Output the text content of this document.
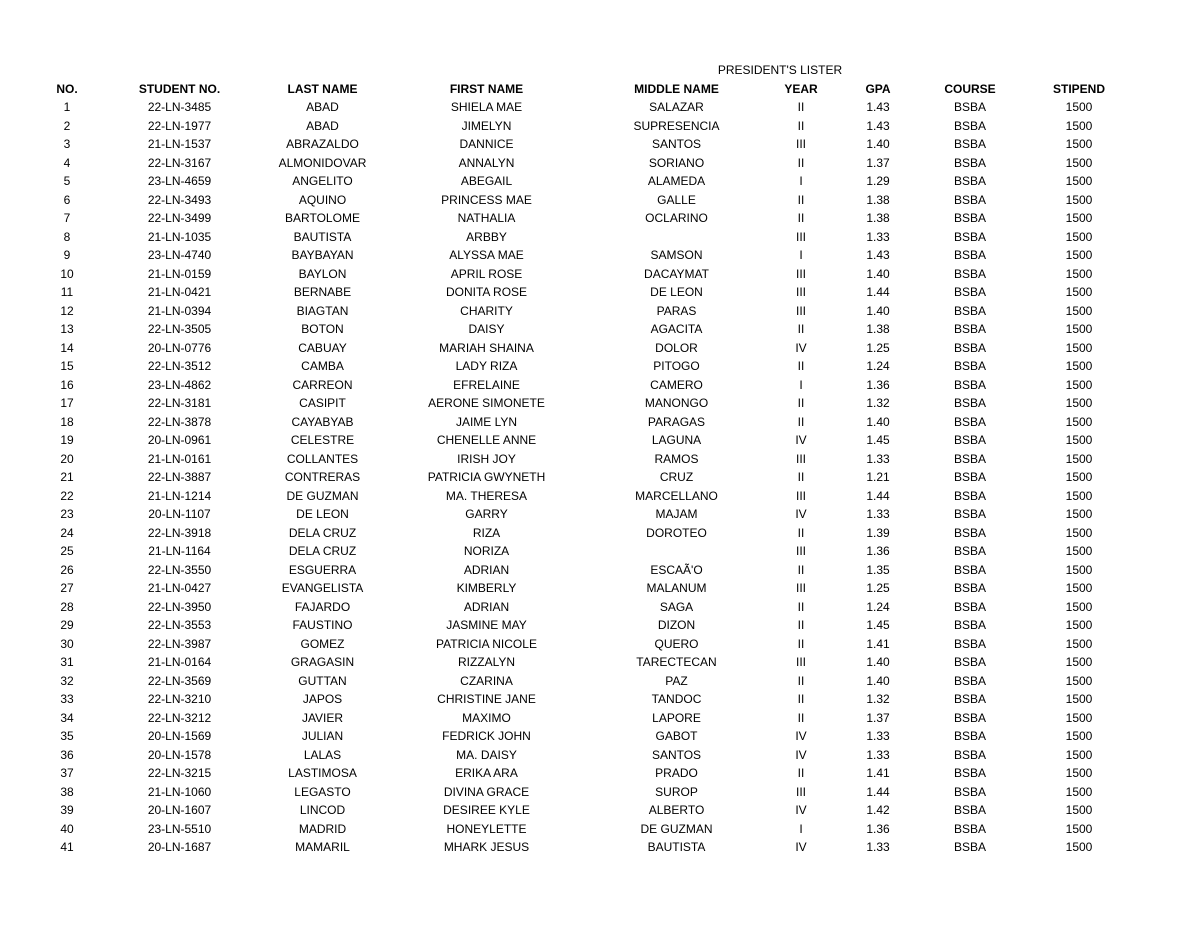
PRESIDENT'S LISTER
NO.	STUDENT NO.	LAST NAME	FIRST NAME	MIDDLE NAME	YEAR	GPA	COURSE	STIPEND
1	22-LN-3485	ABAD	SHIELA MAE	SALAZAR	II	1.43	BSBA	1500
2	22-LN-1977	ABAD	JIMELYN	SUPRESENCIA	II	1.43	BSBA	1500
3	21-LN-1537	ABRAZALDO	DANNICE	SANTOS	III	1.40	BSBA	1500
4	22-LN-3167	ALMONIDOVAR	ANNALYN	SORIANO	II	1.37	BSBA	1500
5	23-LN-4659	ANGELITO	ABEGAIL	ALAMEDA	I	1.29	BSBA	1500
6	22-LN-3493	AQUINO	PRINCESS MAE	GALLE	II	1.38	BSBA	1500
7	22-LN-3499	BARTOLOME	NATHALIA	OCLARINO	II	1.38	BSBA	1500
8	21-LN-1035	BAUTISTA	ARBBY		III	1.33	BSBA	1500
9	23-LN-4740	BAYBAYAN	ALYSSA MAE	SAMSON	I	1.43	BSBA	1500
10	21-LN-0159	BAYLON	APRIL ROSE	DACAYMAT	III	1.40	BSBA	1500
11	21-LN-0421	BERNABE	DONITA ROSE	DE LEON	III	1.44	BSBA	1500
12	21-LN-0394	BIAGTAN	CHARITY	PARAS	III	1.40	BSBA	1500
13	22-LN-3505	BOTON	DAISY	AGACITA	II	1.38	BSBA	1500
14	20-LN-0776	CABUAY	MARIAH SHAINA	DOLOR	IV	1.25	BSBA	1500
15	22-LN-3512	CAMBA	LADY RIZA	PITOGO	II	1.24	BSBA	1500
16	23-LN-4862	CARREON	EFRELAINE	CAMERO	I	1.36	BSBA	1500
17	22-LN-3181	CASIPIT	AERONE SIMONETE	MANONGO	II	1.32	BSBA	1500
18	22-LN-3878	CAYABYAB	JAIME LYN	PARAGAS	II	1.40	BSBA	1500
19	20-LN-0961	CELESTRE	CHENELLE ANNE	LAGUNA	IV	1.45	BSBA	1500
20	21-LN-0161	COLLANTES	IRISH JOY	RAMOS	III	1.33	BSBA	1500
21	22-LN-3887	CONTRERAS	PATRICIA GWYNETH	CRUZ	II	1.21	BSBA	1500
22	21-LN-1214	DE GUZMAN	MA. THERESA	MARCELLANO	III	1.44	BSBA	1500
23	20-LN-1107	DE LEON	GARRY	MAJAM	IV	1.33	BSBA	1500
24	22-LN-3918	DELA CRUZ	RIZA	DOROTEO	II	1.39	BSBA	1500
25	21-LN-1164	DELA CRUZ	NORIZA		III	1.36	BSBA	1500
26	22-LN-3550	ESGUERRA	ADRIAN	ESCAÃ'O	II	1.35	BSBA	1500
27	21-LN-0427	EVANGELISTA	KIMBERLY	MALANUM	III	1.25	BSBA	1500
28	22-LN-3950	FAJARDO	ADRIAN	SAGA	II	1.24	BSBA	1500
29	22-LN-3553	FAUSTINO	JASMINE MAY	DIZON	II	1.45	BSBA	1500
30	22-LN-3987	GOMEZ	PATRICIA NICOLE	QUERO	II	1.41	BSBA	1500
31	21-LN-0164	GRAGASIN	RIZZALYN	TARECTECAN	III	1.40	BSBA	1500
32	22-LN-3569	GUTTAN	CZARINA	PAZ	II	1.40	BSBA	1500
33	22-LN-3210	JAPOS	CHRISTINE JANE	TANDOC	II	1.32	BSBA	1500
34	22-LN-3212	JAVIER	MAXIMO	LAPORE	II	1.37	BSBA	1500
35	20-LN-1569	JULIAN	FEDRICK JOHN	GABOT	IV	1.33	BSBA	1500
36	20-LN-1578	LALAS	MA. DAISY	SANTOS	IV	1.33	BSBA	1500
37	22-LN-3215	LASTIMOSA	ERIKA ARA	PRADO	II	1.41	BSBA	1500
38	21-LN-1060	LEGASTO	DIVINA GRACE	SUROP	III	1.44	BSBA	1500
39	20-LN-1607	LINCOD	DESIREE KYLE	ALBERTO	IV	1.42	BSBA	1500
40	23-LN-5510	MADRID	HONEYLETTE	DE GUZMAN	I	1.36	BSBA	1500
41	20-LN-1687	MAMARIL	MHARK JESUS	BAUTISTA	IV	1.33	BSBA	1500
